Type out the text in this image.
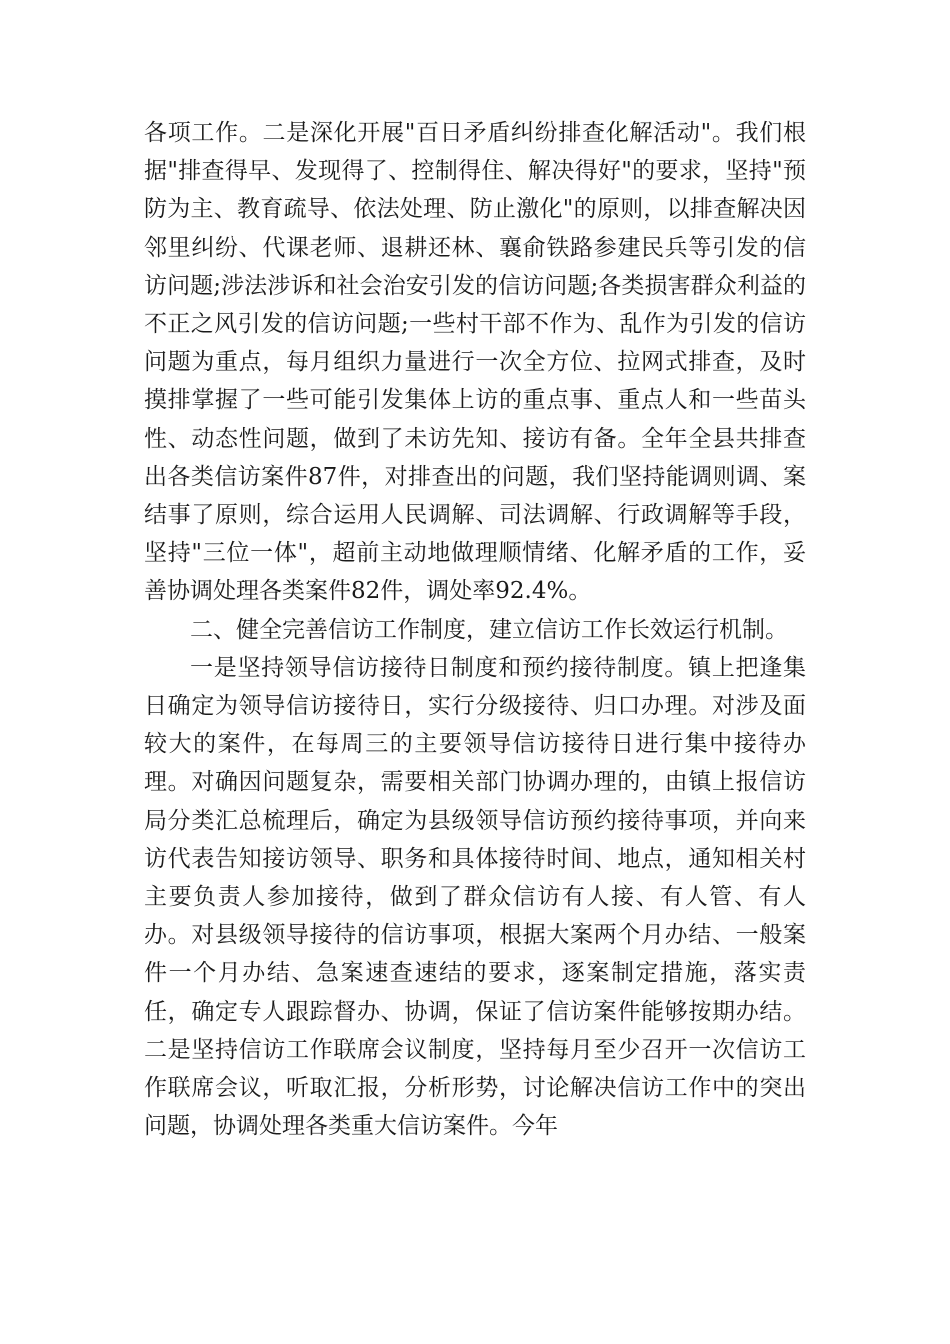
各项工作。二是深化开展"百日矛盾纠纷排查化解活动"。我们根据"排查得早、发现得了、控制得住、解决得好"的要求，坚持"预防为主、教育疏导、依法处理、防止激化"的原则，以排查解决因邻里纠纷、代课老师、退耕还林、襄俞铁路参建民兵等引发的信访问题;涉法涉诉和社会治安引发的信访问题;各类损害群众利益的不正之风引发的信访问题;一些村干部不作为、乱作为引发的信访问题为重点，每月组织力量进行一次全方位、拉网式排查，及时摸排掌握了一些可能引发集体上访的重点事、重点人和一些苗头性、动态性问题，做到了未访先知、接访有备。全年全县共排查出各类信访案件87件，对排查出的问题，我们坚持能调则调、案结事了原则，综合运用人民调解、司法调解、行政调解等手段，坚持"三位一体"，超前主动地做理顺情绪、化解矛盾的工作，妥善协调处理各类案件82件，调处率92.4%。

二、健全完善信访工作制度，建立信访工作长效运行机制。

一是坚持领导信访接待日制度和预约接待制度。镇上把逢集日确定为领导信访接待日，实行分级接待、归口办理。对涉及面较大的案件，在每周三的主要领导信访接待日进行集中接待办理。对确因问题复杂，需要相关部门协调办理的，由镇上报信访局分类汇总梳理后，确定为县级领导信访预约接待事项，并向来访代表告知接访领导、职务和具体接待时间、地点，通知相关村主要负责人参加接待，做到了群众信访有人接、有人管、有人办。对县级领导接待的信访事项，根据大案两个月办结、一般案件一个月办结、急案速查速结的要求，逐案制定措施，落实责任，确定专人跟踪督办、协调，保证了信访案件能够按期办结。二是坚持信访工作联席会议制度，坚持每月至少召开一次信访工作联席会议，听取汇报，分析形势，讨论解决信访工作中的突出问题，协调处理各类重大信访案件。今年
